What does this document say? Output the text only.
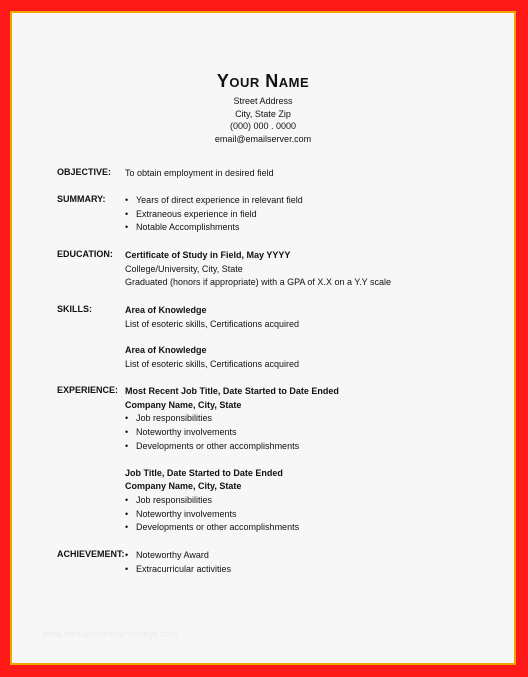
Your Name
Street Address
City, State Zip
(000) 000 . 0000
email@emailserver.com
OBJECTIVE: To obtain employment in desired field
SUMMARY: • Years of direct experience in relevant field
• Extraneous experience in field
• Notable Accomplishments
EDUCATION: Certificate of Study in Field, May YYYY
College/University, City, State
Graduated (honors if appropriate) with a GPA of X.X on a Y.Y scale
SKILLS:	Area of Knowledge
List of esoteric skills, Certifications acquired
Area of Knowledge
List of esoteric skills, Certifications acquired
EXPERIENCE: Most Recent Job Title, Date Started to Date Ended
Company Name, City, State
• Job responsibilities
• Noteworthy involvements
• Developments or other accomplishments
Job Title, Date Started to Date Ended
Company Name, City, State
• Job responsibilities
• Noteworthy involvements
• Developments or other accomplishments
ACHIEVEMENT: • Noteworthy Award
• Extracurricular activities
www.heritagechristiancollege.com
